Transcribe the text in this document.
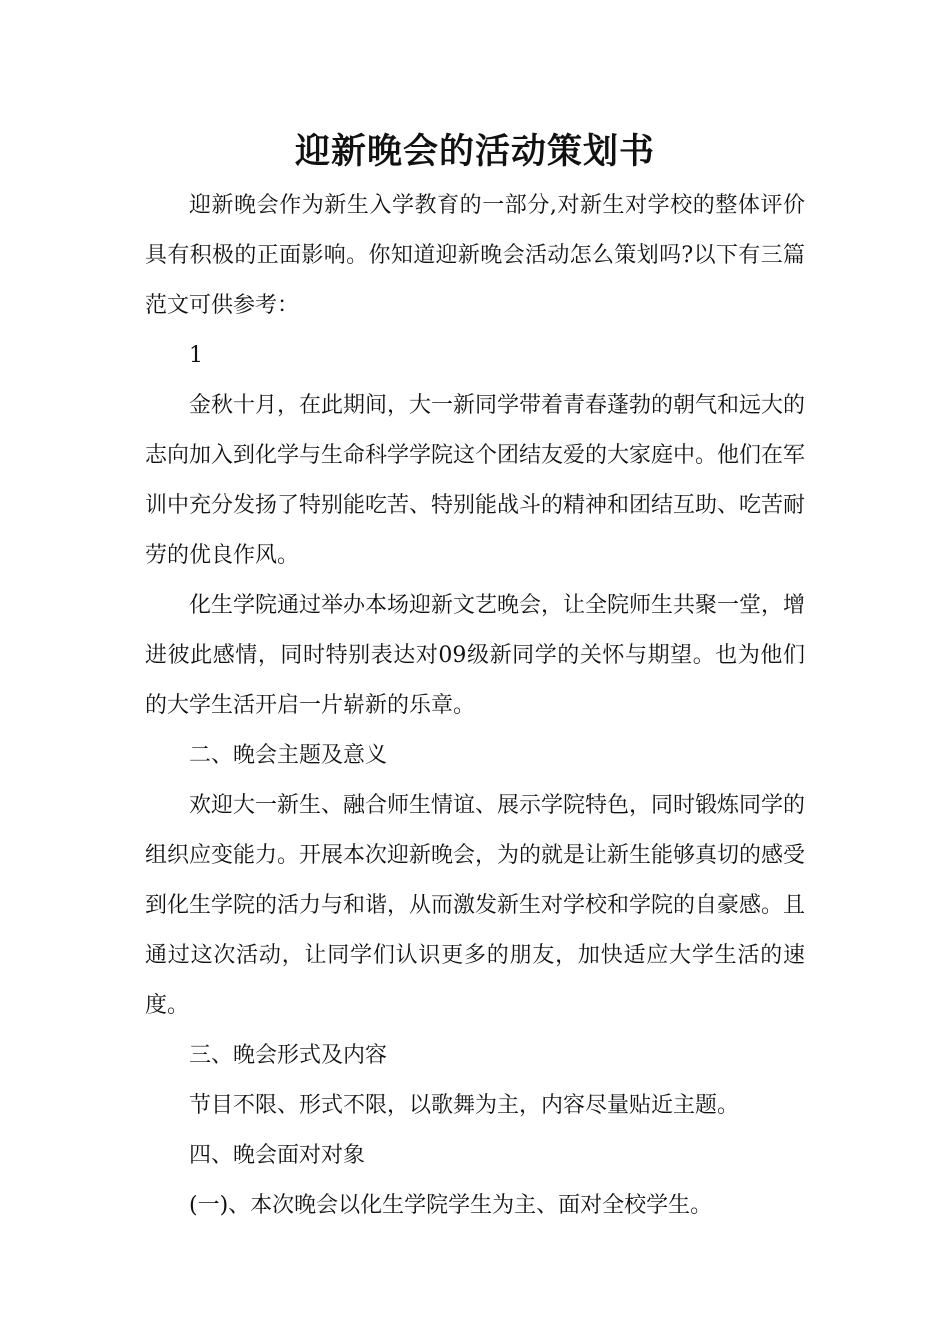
迎新晚会的活动策划书

迎新晚会作为新生入学教育的一部分,对新生对学校的整体评价具有积极的正面影响。你知道迎新晚会活动怎么策划吗?以下有三篇范文可供参考：

1

金秋十月，在此期间，大一新同学带着青春蓬勃的朝气和远大的志向加入到化学与生命科学学院这个团结友爱的大家庭中。他们在军训中充分发扬了特别能吃苦、特别能战斗的精神和团结互助、吃苦耐劳的优良作风。

化生学院通过举办本场迎新文艺晚会，让全院师生共聚一堂，增进彼此感情，同时特别表达对09级新同学的关怀与期望。也为他们的大学生活开启一片崭新的乐章。

二、晚会主题及意义

欢迎大一新生、融合师生情谊、展示学院特色，同时锻炼同学的组织应变能力。开展本次迎新晚会，为的就是让新生能够真切的感受到化生学院的活力与和谐，从而激发新生对学校和学院的自豪感。且通过这次活动，让同学们认识更多的朋友，加快适应大学生活的速度。

三、晚会形式及内容

节目不限、形式不限，以歌舞为主，内容尽量贴近主题。

四、晚会面对对象

(一)、本次晚会以化生学院学生为主、面对全校学生。
